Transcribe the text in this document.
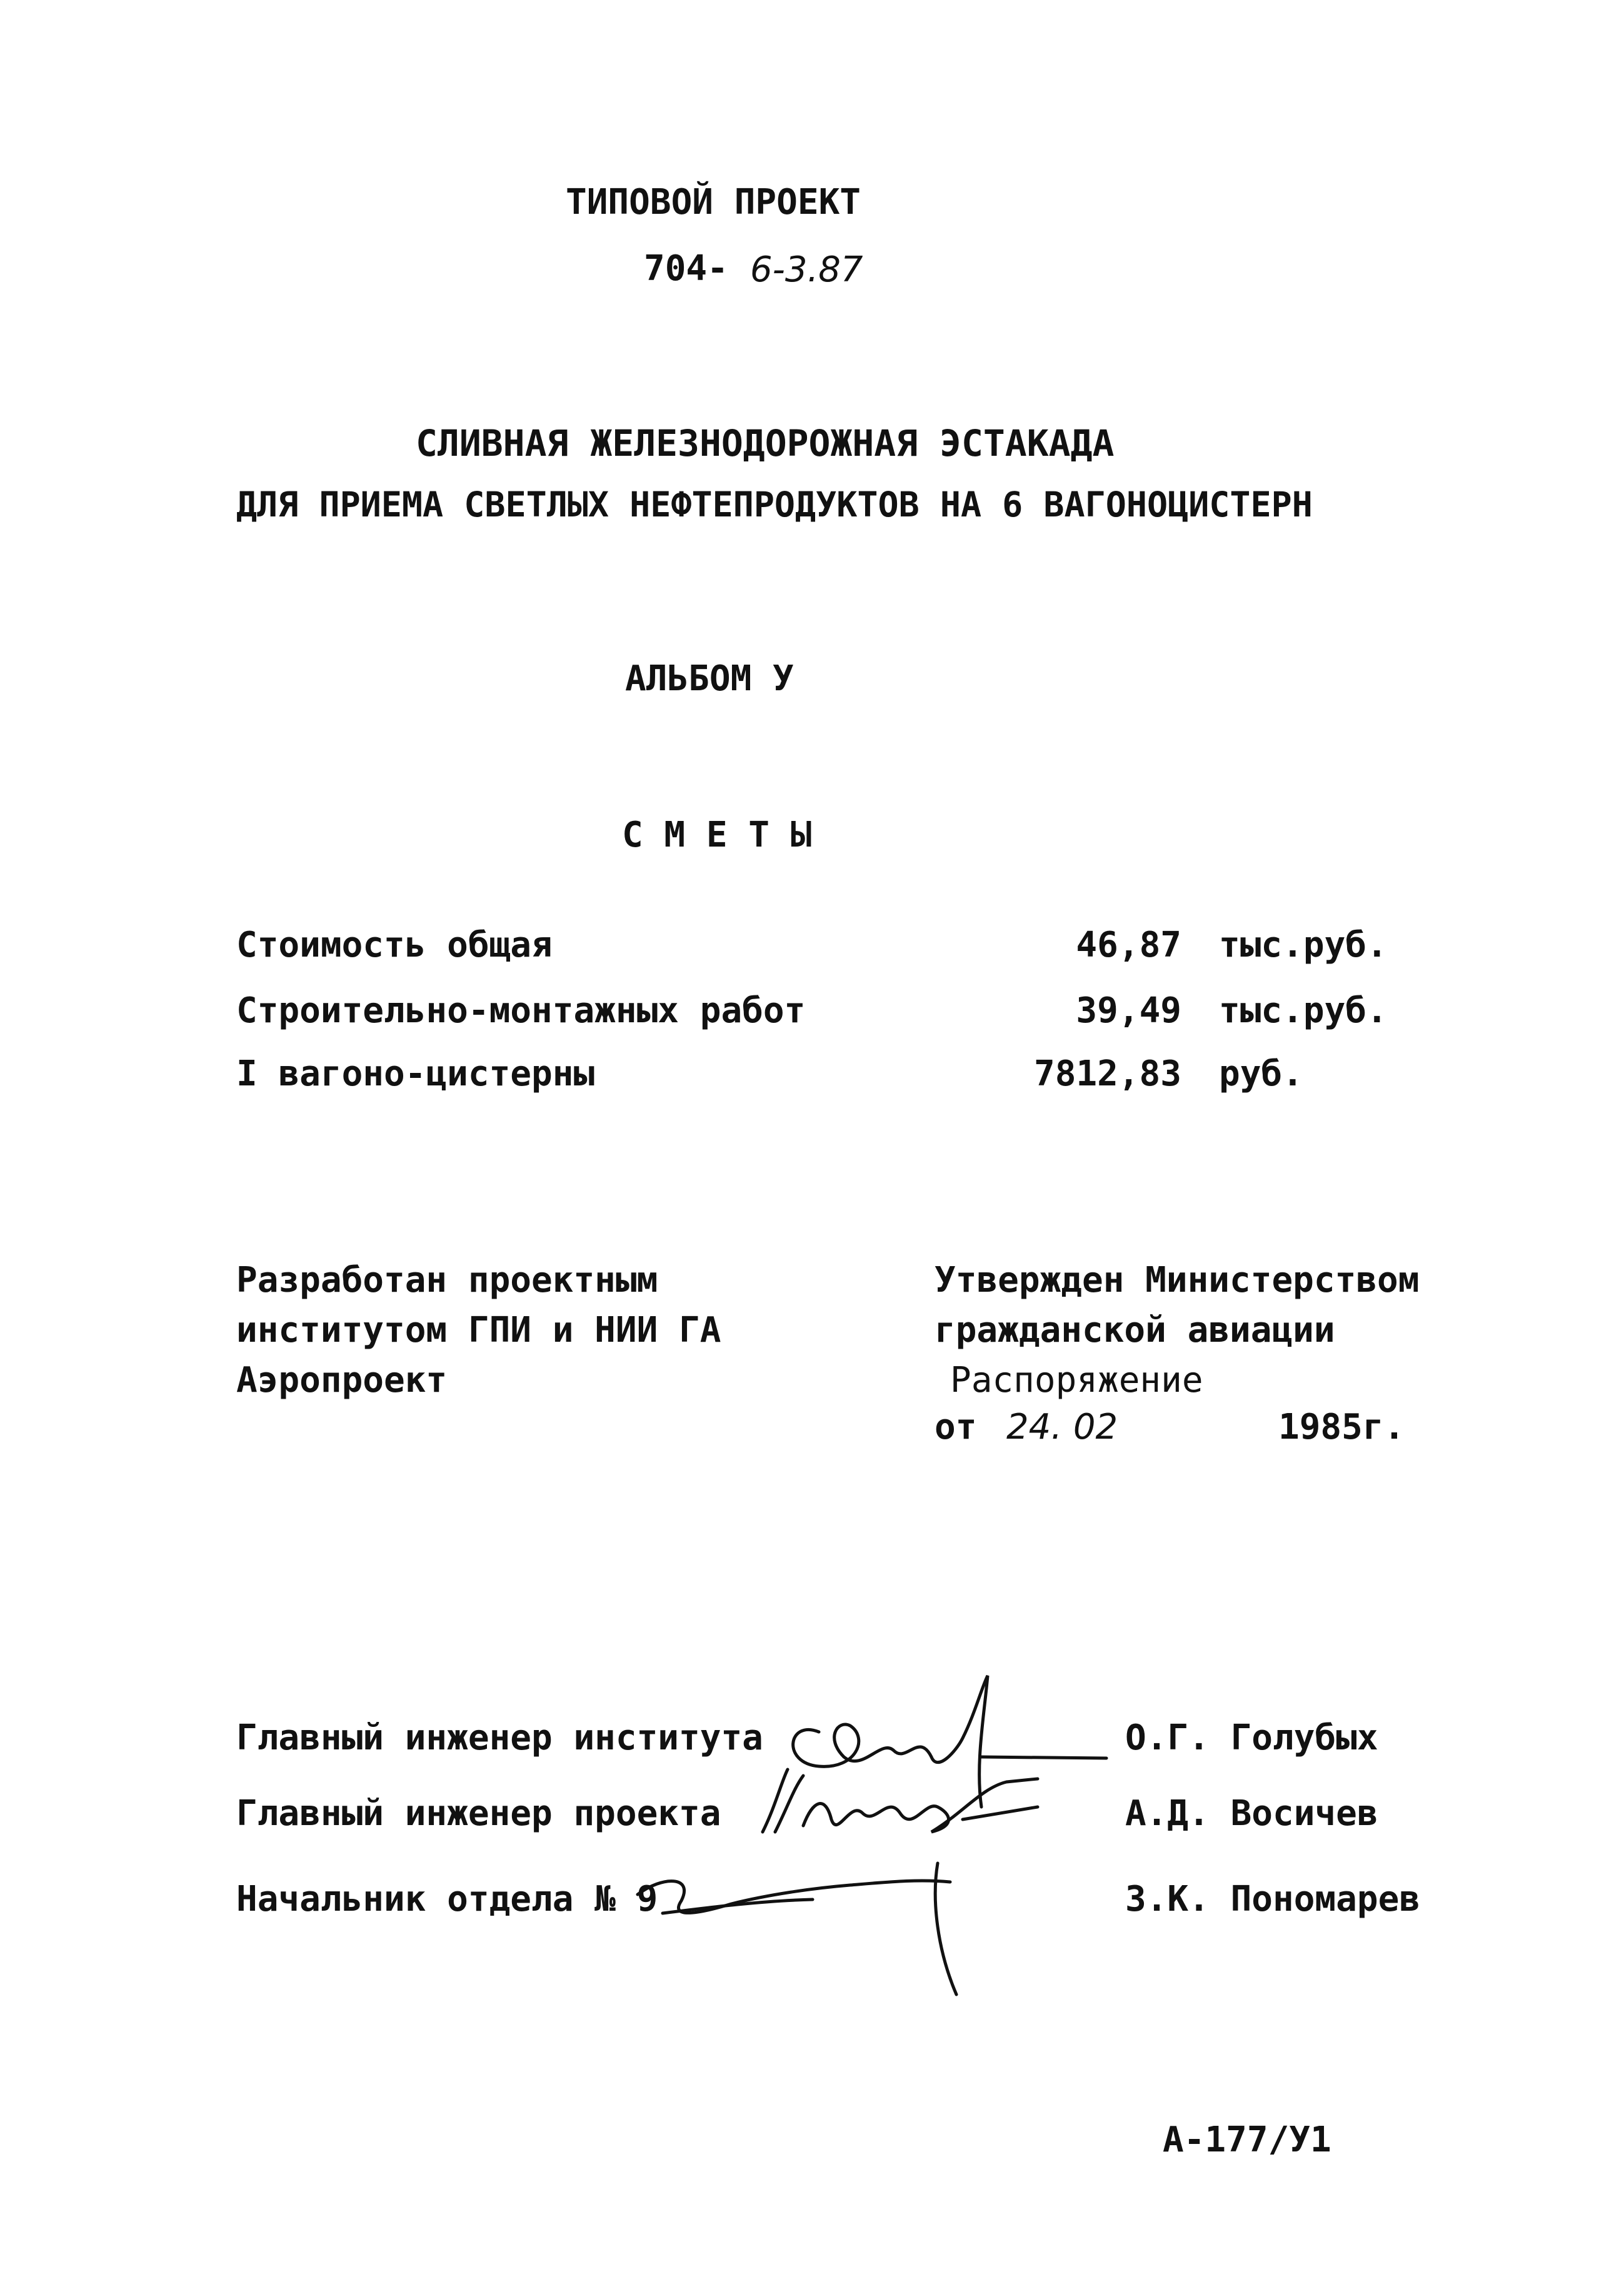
ТИПОВОЙ ПРОЕКТ
704- 6-3.87
СЛИВНАЯ ЖЕЛЕЗНОДОРОЖНАЯ ЭСТАКАДА
ДЛЯ ПРИЕМА СВЕТЛЫХ НЕФТЕПРОДУКТОВ НА 6 ВАГОНОЦИСТЕРН
АЛЬБОМ У
С М Е Т Ы
Стоимость общая	46,87 тыс.руб.
Строительно-монтажных работ	39,49 тыс.руб.
I вагоно-цистерны	7812,83 руб.
Разработан проектным
институтом ГПИ и НИИ ГА
Аэропроект
Утвержден Министерством
гражданской авиации
Распоряжение
от 24. 02	1985г.
Главный инженер института	О.Г. Голубых
Главный инженер проекта	А.Д. Восичев
Начальник отдела № 9	З.К. Пономарев
А-177/У1
